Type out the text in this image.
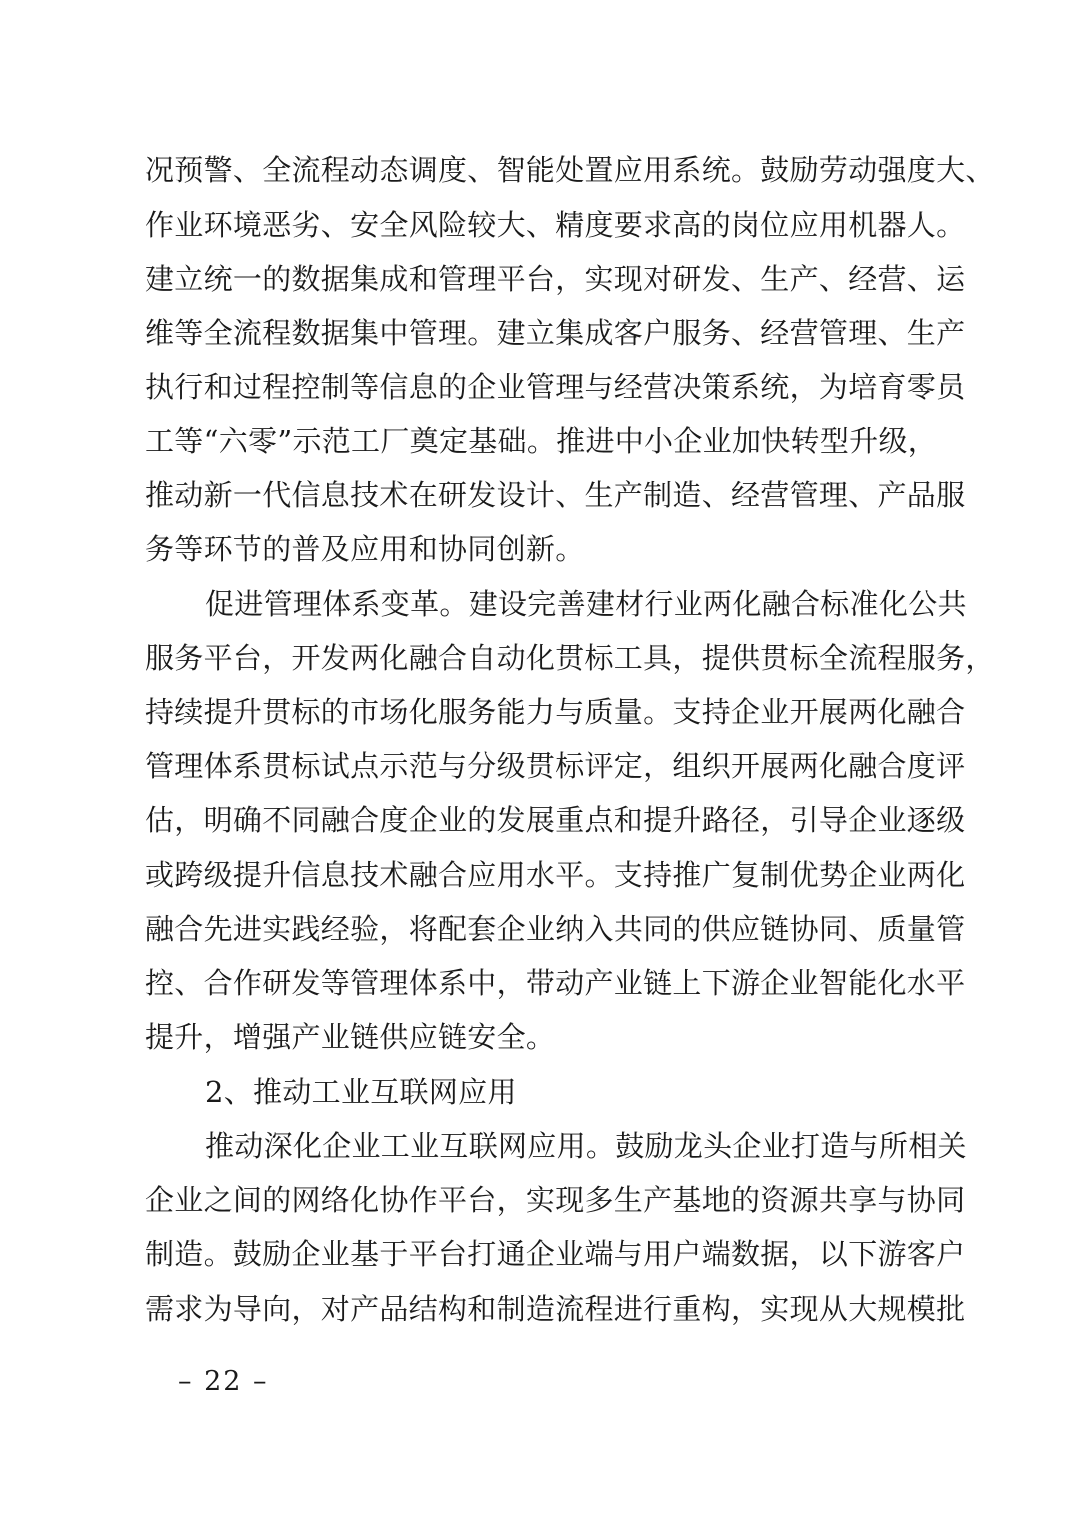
况预警、全流程动态调度、智能处置应用系统。鼓励劳动强度大、
作业环境恶劣、安全风险较大、精度要求高的岗位应用机器人。
建立统一的数据集成和管理平台，实现对研发、生产、经营、运
维等全流程数据集中管理。建立集成客户服务、经营管理、生产
执行和过程控制等信息的企业管理与经营决策系统，为培育零员
工等“六零”示范工厂奠定基础。推进中小企业加快转型升级，
推动新一代信息技术在研发设计、生产制造、经营管理、产品服
务等环节的普及应用和协同创新。
促进管理体系变革。建设完善建材行业两化融合标准化公共
服务平台，开发两化融合自动化贯标工具，提供贯标全流程服务，
持续提升贯标的市场化服务能力与质量。支持企业开展两化融合
管理体系贯标试点示范与分级贯标评定，组织开展两化融合度评
估，明确不同融合度企业的发展重点和提升路径，引导企业逐级
或跨级提升信息技术融合应用水平。支持推广复制优势企业两化
融合先进实践经验，将配套企业纳入共同的供应链协同、质量管
控、合作研发等管理体系中，带动产业链上下游企业智能化水平
提升，增强产业链供应链安全。
2、推动工业互联网应用
推动深化企业工业互联网应用。鼓励龙头企业打造与所相关
企业之间的网络化协作平台，实现多生产基地的资源共享与协同
制造。鼓励企业基于平台打通企业端与用户端数据，以下游客户
需求为导向，对产品结构和制造流程进行重构，实现从大规模批
– 22 –
